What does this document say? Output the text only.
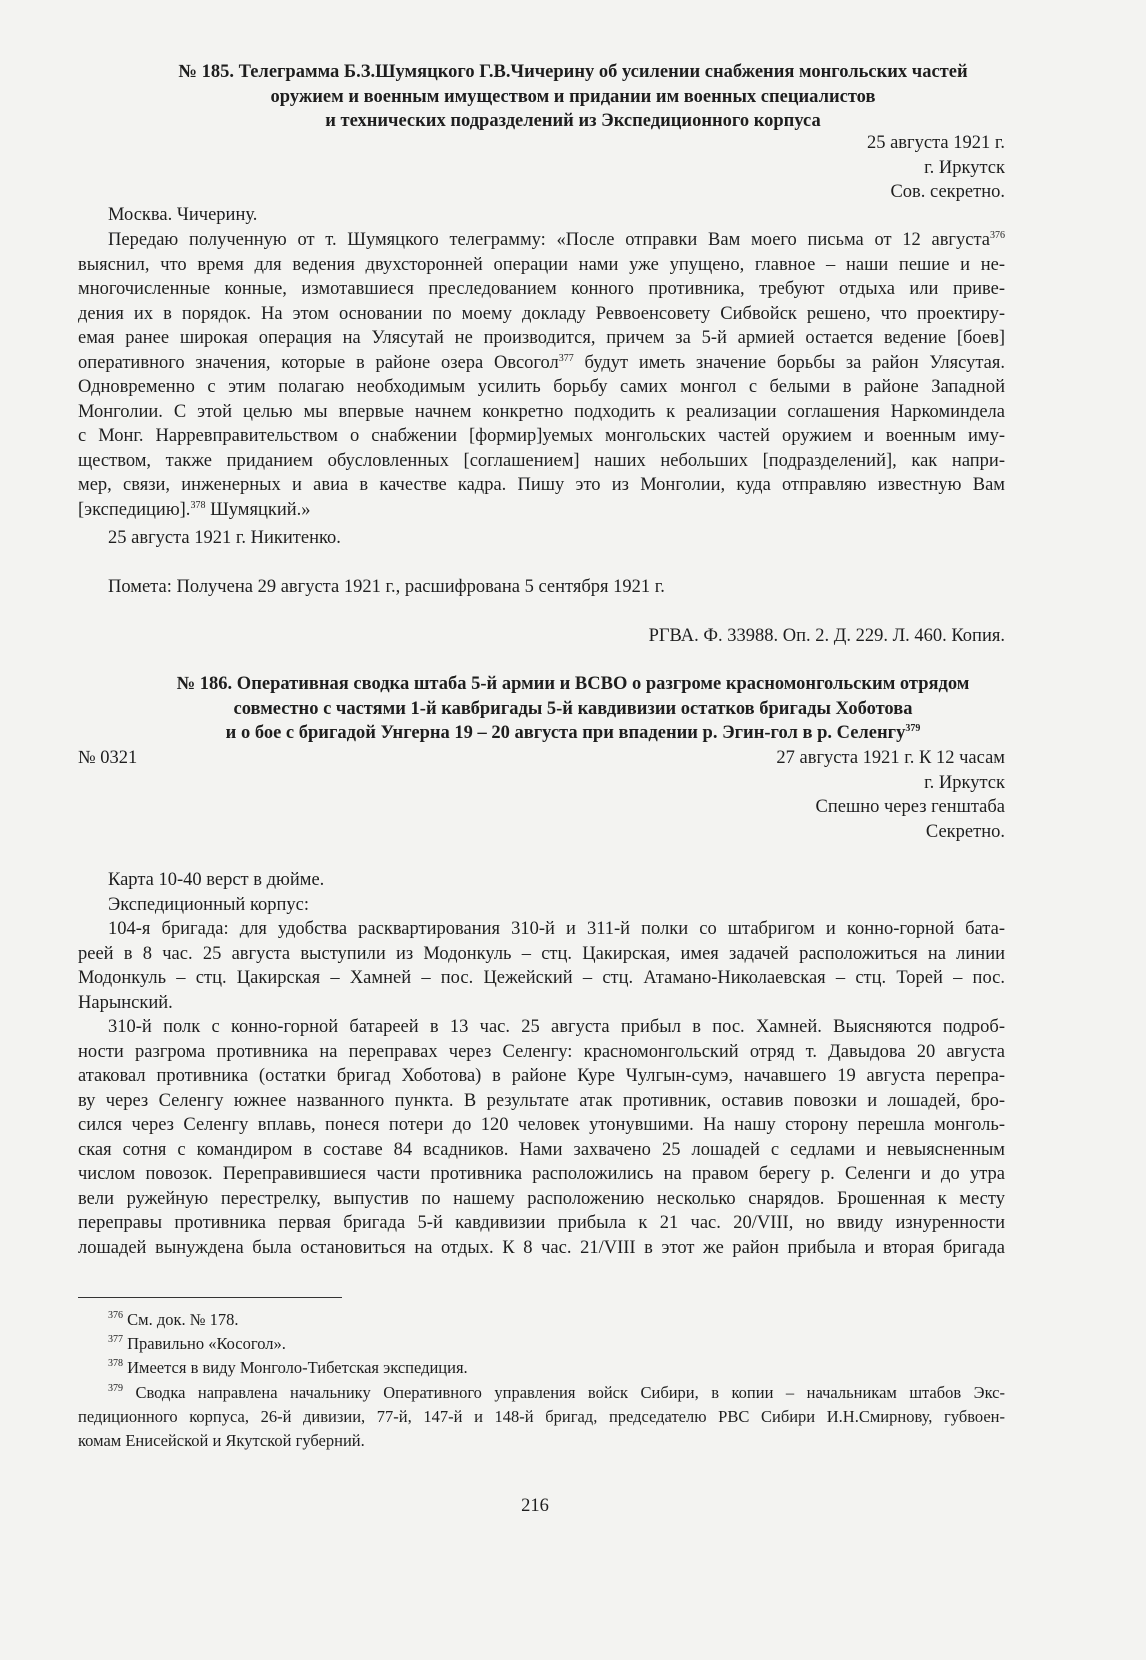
№ 185. Телеграмма Б.З.Шумяцкого Г.В.Чичерину об усилении снабжения монгольских частей
оружием и военным имуществом и придании им военных специалистов
и технических подразделений из Экспедиционного корпуса
25 августа 1921 г.
г. Иркутск
Сов. секретно.
Москва. Чичерину.
Передаю полученную от т. Шумяцкого телеграмму: «После отправки Вам моего письма от 12 августа$^{376}$
выяснил, что время для ведения двухсторонней операции нами уже упущено, главное – наши пешие и не-
многочисленные конные, измотавшиеся преследованием конного противника, требуют отдыха или приве-
дения их в порядок. На этом основании по моему докладу Реввоенсовету Сибвойск решено, что проектиру-
емая ранее широкая операция на Улясутай не производится, причем за 5-й армией остается ведение [боев]
оперативного значения, которые в районе озера Овсогол$^{377}$ будут иметь значение борьбы за район Улясутая.
Одновременно с этим полагаю необходимым усилить борьбу самих монгол с белыми в районе Западной
Монголии. С этой целью мы впервые начнем конкретно подходить к реализации соглашения Наркоминдела
с Монг. Нарревправительством о снабжении [формир]уемых монгольских частей оружием и военным иму-
ществом, также приданием обусловленных [соглашением] наших небольших [подразделений], как напри-
мер, связи, инженерных и авиа в качестве кадра. Пишу это из Монголии, куда отправляю известную Вам
[экспедицию].$^{378}$ Шумяцкий.»
25 августа 1921 г. Никитенко.
Помета: Получена 29 августа 1921 г., расшифрована 5 сентября 1921 г.
РГВА. Ф. 33988. Оп. 2. Д. 229. Л. 460. Копия.
№ 186. Оперативная сводка штаба 5-й армии и ВСВО о разгроме красномонгольским отрядом
совместно с частями 1-й кавбригады 5-й кавдивизии остатков бригады Хоботова
и о бое с бригадой Унгерна 19 – 20 августа при впадении р. Эгин-гол в р. Селенгу$^{379}$
№ 0321	27 августа 1921 г. К 12 часам
г. Иркутск
Спешно через генштаба
Секретно.
Карта 10-40 верст в дюйме.
Экспедиционный корпус:
104-я бригада: для удобства расквартирования 310-й и 311-й полки со штабригом и конно-горной бата-
реей в 8 час. 25 августа выступили из Модонкуль – стц. Цакирская, имея задачей расположиться на линии
Модонкуль – стц. Цакирская – Хамней – пос. Цежейский – стц. Атамано-Николаевская – стц. Торей – пос.
Нарынский.
310-й полк с конно-горной батареей в 13 час. 25 августа прибыл в пос. Хамней. Выясняются подроб-
ности разгрома противника на переправах через Селенгу: красномонгольский отряд т. Давыдова 20 августа
атаковал противника (остатки бригад Хоботова) в районе Куре Чулгын-сумэ, начавшего 19 августа перепра-
ву через Селенгу южнее названного пункта. В результате атак противник, оставив повозки и лошадей, бро-
сился через Селенгу вплавь, понеся потери до 120 человек утонувшими. На нашу сторону перешла монголь-
ская сотня с командиром в составе 84 всадников. Нами захвачено 25 лошадей с седлами и невыясненным
числом повозок. Переправившиеся части противника расположились на правом берегу р. Селенги и до утра
вели ружейную перестрелку, выпустив по нашему расположению несколько снарядов. Брошенная к месту
переправы противника первая бригада 5-й кавдивизии прибыла к 21 час. 20/VIII, но ввиду изнуренности
лошадей вынуждена была остановиться на отдых. К 8 час. 21/VIII в этот же район прибыла и вторая бригада
$^{376}$ См. док. № 178.
$^{377}$ Правильно «Косогол».
$^{378}$ Имеется в виду Монголо-Тибетская экспедиция.
$^{379}$ Сводка направлена начальнику Оперативного управления войск Сибири, в копии – начальникам штабов Экс-
педиционного корпуса, 26-й дивизии, 77-й, 147-й и 148-й бригад, председателю РВС Сибири И.Н.Смирнову, губвоен-
комам Енисейской и Якутской губерний.
216
